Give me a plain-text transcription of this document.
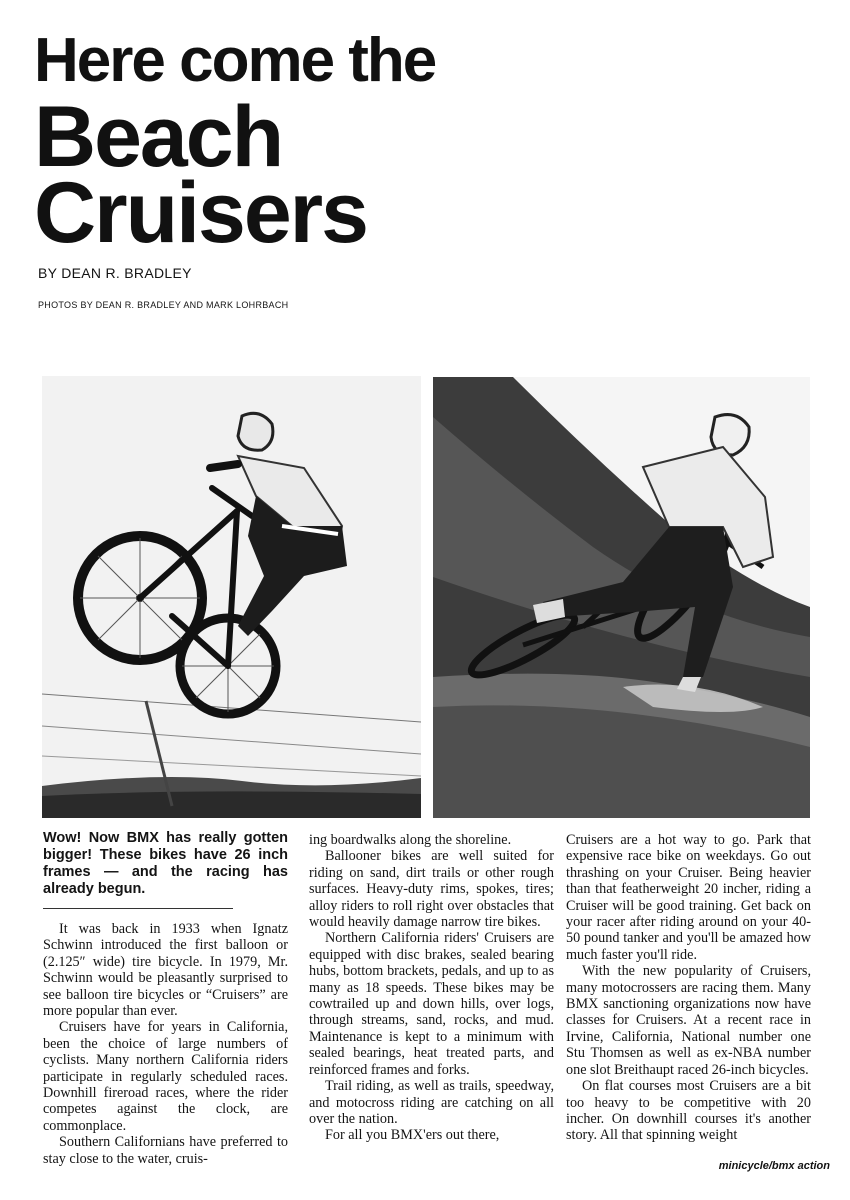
Here come the
Beach
Cruisers
BY DEAN R. BRADLEY
PHOTOS BY DEAN R. BRADLEY AND MARK LOHRBACH

Wow! Now BMX has really gotten bigger! These bikes have 26 inch frames — and the racing has already begun.

It was back in 1933 when Ignatz Schwinn introduced the first balloon or (2.125″ wide) tire bicycle. In 1979, Mr. Schwinn would be pleasantly surprised to see balloon tire bicycles or “Cruisers” are more popular than ever.

Cruisers have for years in California, been the choice of large numbers of cyclists. Many northern California riders participate in regularly scheduled races. Downhill fireroad races, where the rider competes against the clock, are commonplace.

Southern Californians have preferred to stay close to the water, cruis-

ing boardwalks along the shoreline.

Ballooner bikes are well suited for riding on sand, dirt trails or other rough surfaces. Heavy-duty rims, spokes, tires; alloy riders to roll right over obstacles that would heavily damage narrow tire bikes.

Northern California riders' Cruisers are equipped with disc brakes, sealed bearing hubs, bottom brackets, pedals, and up to as many as 18 speeds. These bikes may be cowtrailed up and down hills, over logs, through streams, sand, rocks, and mud. Maintenance is kept to a minimum with sealed bearings, heat treated parts, and reinforced frames and forks.

Trail riding, as well as trails, speedway, and motocross riding are catching on all over the nation.

For all you BMX'ers out there,

Cruisers are a hot way to go. Park that expensive race bike on weekdays. Go out thrashing on your Cruiser. Being heavier than that featherweight 20 incher, riding a Cruiser will be good training. Get back on your racer after riding around on your 40-50 pound tanker and you'll be amazed how much faster you'll ride.

With the new popularity of Cruisers, many motocrossers are racing them. Many BMX sanctioning organizations now have classes for Cruisers. At a recent race in Irvine, California, National number one Stu Thomsen as well as ex-NBA number one slot Breithaupt raced 26-inch bicycles.

On flat courses most Cruisers are a bit too heavy to be competitive with 20 incher. On downhill courses it's another story. All that spinning weight

minicycle/bmx action
